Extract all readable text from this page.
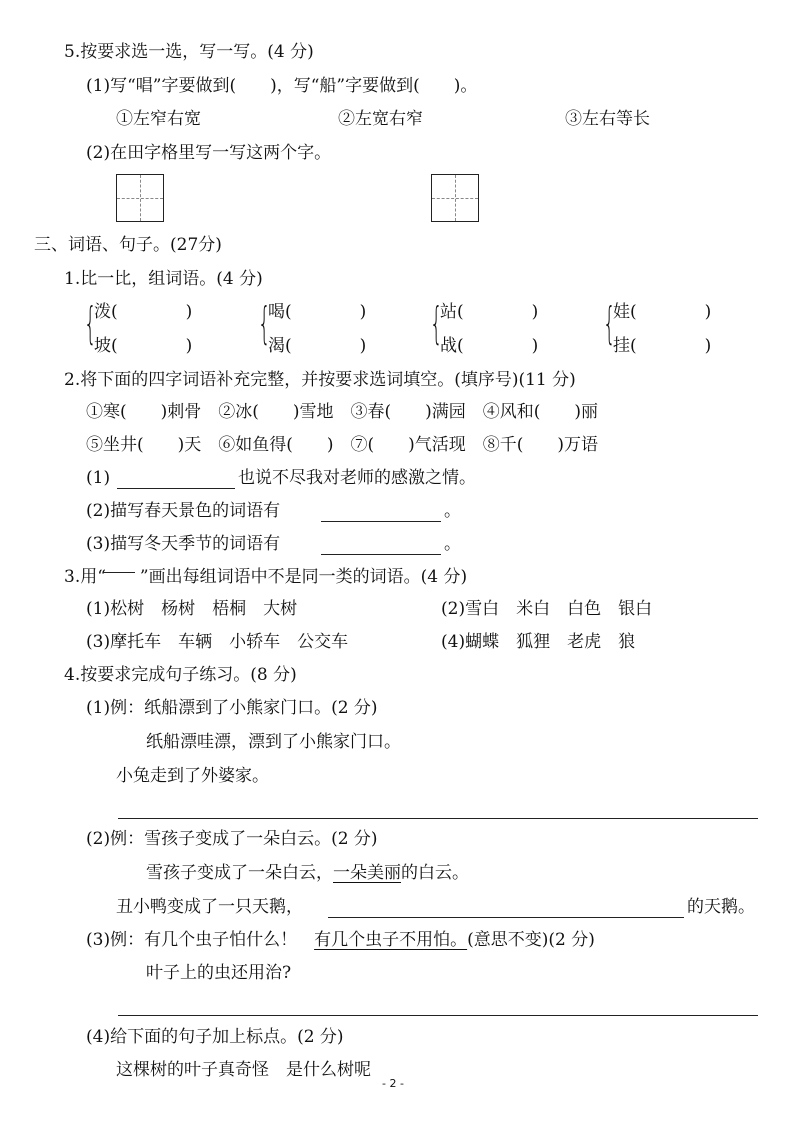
5.按要求选一选，写一写。(4 分)
(1)写“唱”字要做到(　　)，写“船”字要做到(　　)。
①左窄右宽	②左宽右窄	③左右等长
(2)在田字格里写一写这两个字。
三、词语、句子。(27分)
1.比一比，组词语。(4 分)
{
泼(　　　　)
坡(　　　　) {
喝(　　　　)
渴(　　　　) {
站(　　　　)
战(　　　　) {
娃(　　　　)
挂(　　　　)
2.将下面的四字词语补充完整，并按要求选词填空。(填序号)(11 分)
①寒(　　)刺骨　②冰(　　)雪地　③春(　　)满园　④风和(　　)丽
⑤坐井(　　)天　⑥如鱼得(　　)　⑦(　　)气活现　⑧千(　　)万语
(1)	也说不尽我对老师的感激之情。
(2)描写春天景色的词语有	。
(3)描写冬天季节的词语有	。
3.用“　　”画出每组词语中不是同一类的词语。(4 分)
(1)松树　杨树　梧桐　大树	(2)雪白　米白　白色　银白
(3)摩托车　车辆　小轿车　公交车	(4)蝴蝶　狐狸　老虎　狼
4.按要求完成句子练习。(8 分)
(1)例：纸船漂到了小熊家门口。(2 分)
纸船漂哇漂，漂到了小熊家门口。
小兔走到了外婆家。
(2)例：雪孩子变成了一朵白云。(2 分)
雪孩子变成了一朵白云，一朵美丽的白云。
丑小鸭变成了一只天鹅，	的天鹅。
(3)例：有几个虫子怕什么！　有几个虫子不用怕。(意思不变)(2 分)
叶子上的虫还用治?
(4)给下面的句子加上标点。(2 分)
这棵树的叶子真奇怪　是什么树呢
- 2 -
